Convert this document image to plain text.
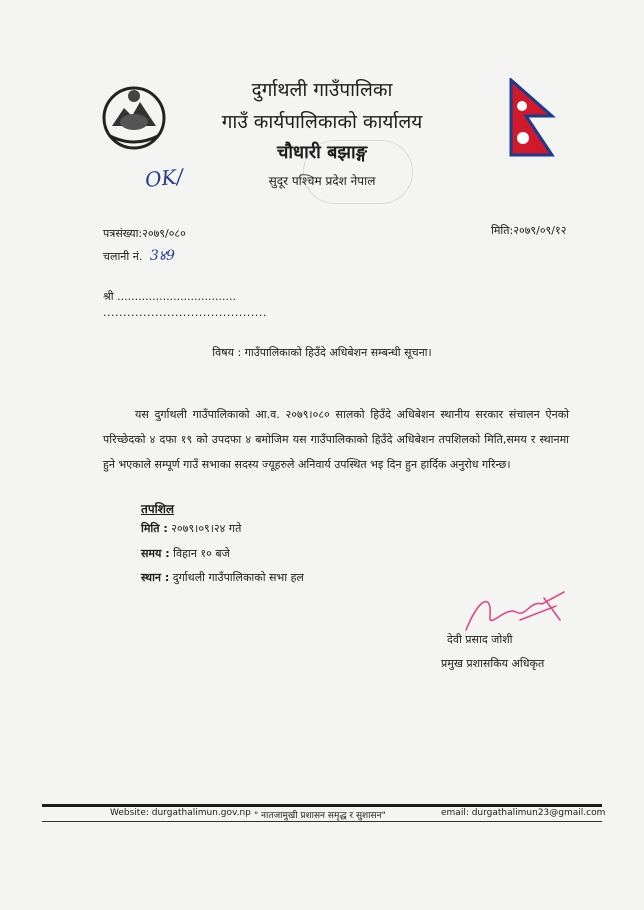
दुर्गाथली गाउँपालिका
गाउँ कार्यपालिकाको कार्यालय
चौधारी बझाङ्ग
सुदूर पश्चिम प्रदेश नेपाल
OK/
पत्रसंख्या:२०७९/०८०
चलानी नं. 3४9
मिति:२०७९/०९/१२
श्री ..................................
.........................................
विषय : गाउँपालिकाको हिउँदे अधिबेशन सम्बन्धी सूचना।
यस दुर्गाथली गाउँपालिकाको आ.व. २०७९।०८० सालको हिउँदे अधिबेशन स्थानीय सरकार संचालन ऐनको परिच्छेदको ४ दफा १९ को उपदफा ४ बमोजिम यस गाउँपालिकाको हिउँदे अधिबेशन तपशिलको मिति,समय र स्थानमा हुने भएकाले सम्पूर्ण गाउँ सभाका सदस्य ज्यूहरुले अनिवार्य उपस्थित भइ दिन हुन हार्दिक अनुरोध गरिन्छ।
तपशिल
मिति : २०७९।०९।२४ गते
समय : विहान १० बजे
स्थान : दुर्गाथली गाउँपालिकाको सभा हल
देवी प्रसाद जोशी
प्रमुख प्रशासकिय अधिकृत
Website: durgathalimun.gov.np " नातजामुखी प्रशासन समृद्ध र सुशासन"	email: durgathalimun23@gmail.com
